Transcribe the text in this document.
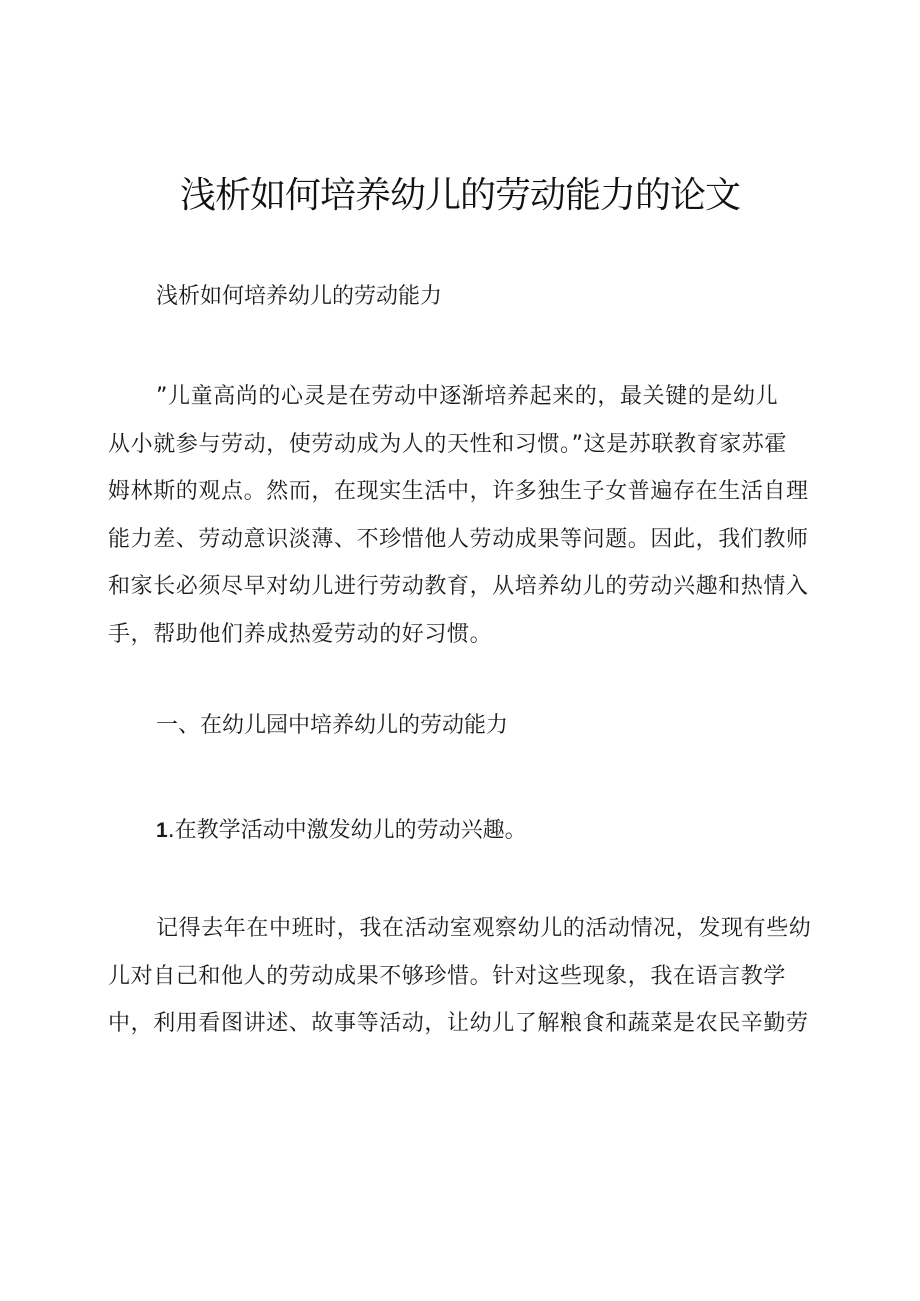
浅析如何培养幼儿的劳动能力的论文

浅析如何培养幼儿的劳动能力

”儿童高尚的心灵是在劳动中逐渐培养起来的，最关键的是幼儿
从小就参与劳动，使劳动成为人的天性和习惯。”这是苏联教育家苏霍
姆林斯的观点。然而，在现实生活中，许多独生子女普遍存在生活自理
能力差、劳动意识淡薄、不珍惜他人劳动成果等问题。因此，我们教师
和家长必须尽早对幼儿进行劳动教育，从培养幼儿的劳动兴趣和热情入
手，帮助他们养成热爱劳动的好习惯。

一、在幼儿园中培养幼儿的劳动能力

1.在教学活动中激发幼儿的劳动兴趣。

记得去年在中班时，我在活动室观察幼儿的活动情况，发现有些幼
儿对自己和他人的劳动成果不够珍惜。针对这些现象，我在语言教学
中，利用看图讲述、故事等活动，让幼儿了解粮食和蔬菜是农民辛勤劳
